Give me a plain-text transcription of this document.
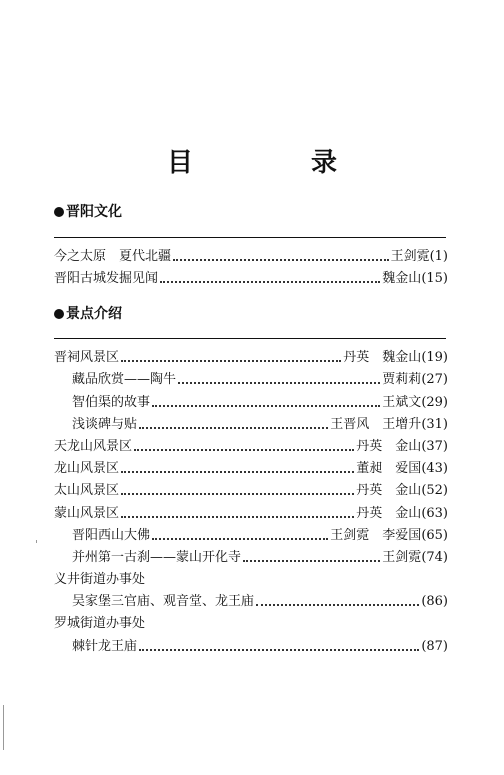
目　录
晋阳文化
今之太原　夏代北疆	王剑霓 (1)
晋阳古城发掘见闻	魏金山 (15)
景点介绍
晋祠风景区	丹英　魏金山 (19)
藏品欣赏——陶牛	贾莉莉 (27)
智伯渠的故事	王斌文 (29)
浅谈碑与贴	王晋风　王增升 (31)
天龙山风景区	丹英　金山 (37)
龙山风景区	董昶　爱国 (43)
太山风景区	丹英　金山 (52)
蒙山风景区	丹英　金山 (63)
晋阳西山大佛	王剑霓　李爱国 (65)
并州第一古刹——蒙山开化寺	王剑霓 (74)
义井街道办事处
吴家堡三官庙、观音堂、龙王庙	(86)
罗城街道办事处
棘针龙王庙	(87)
